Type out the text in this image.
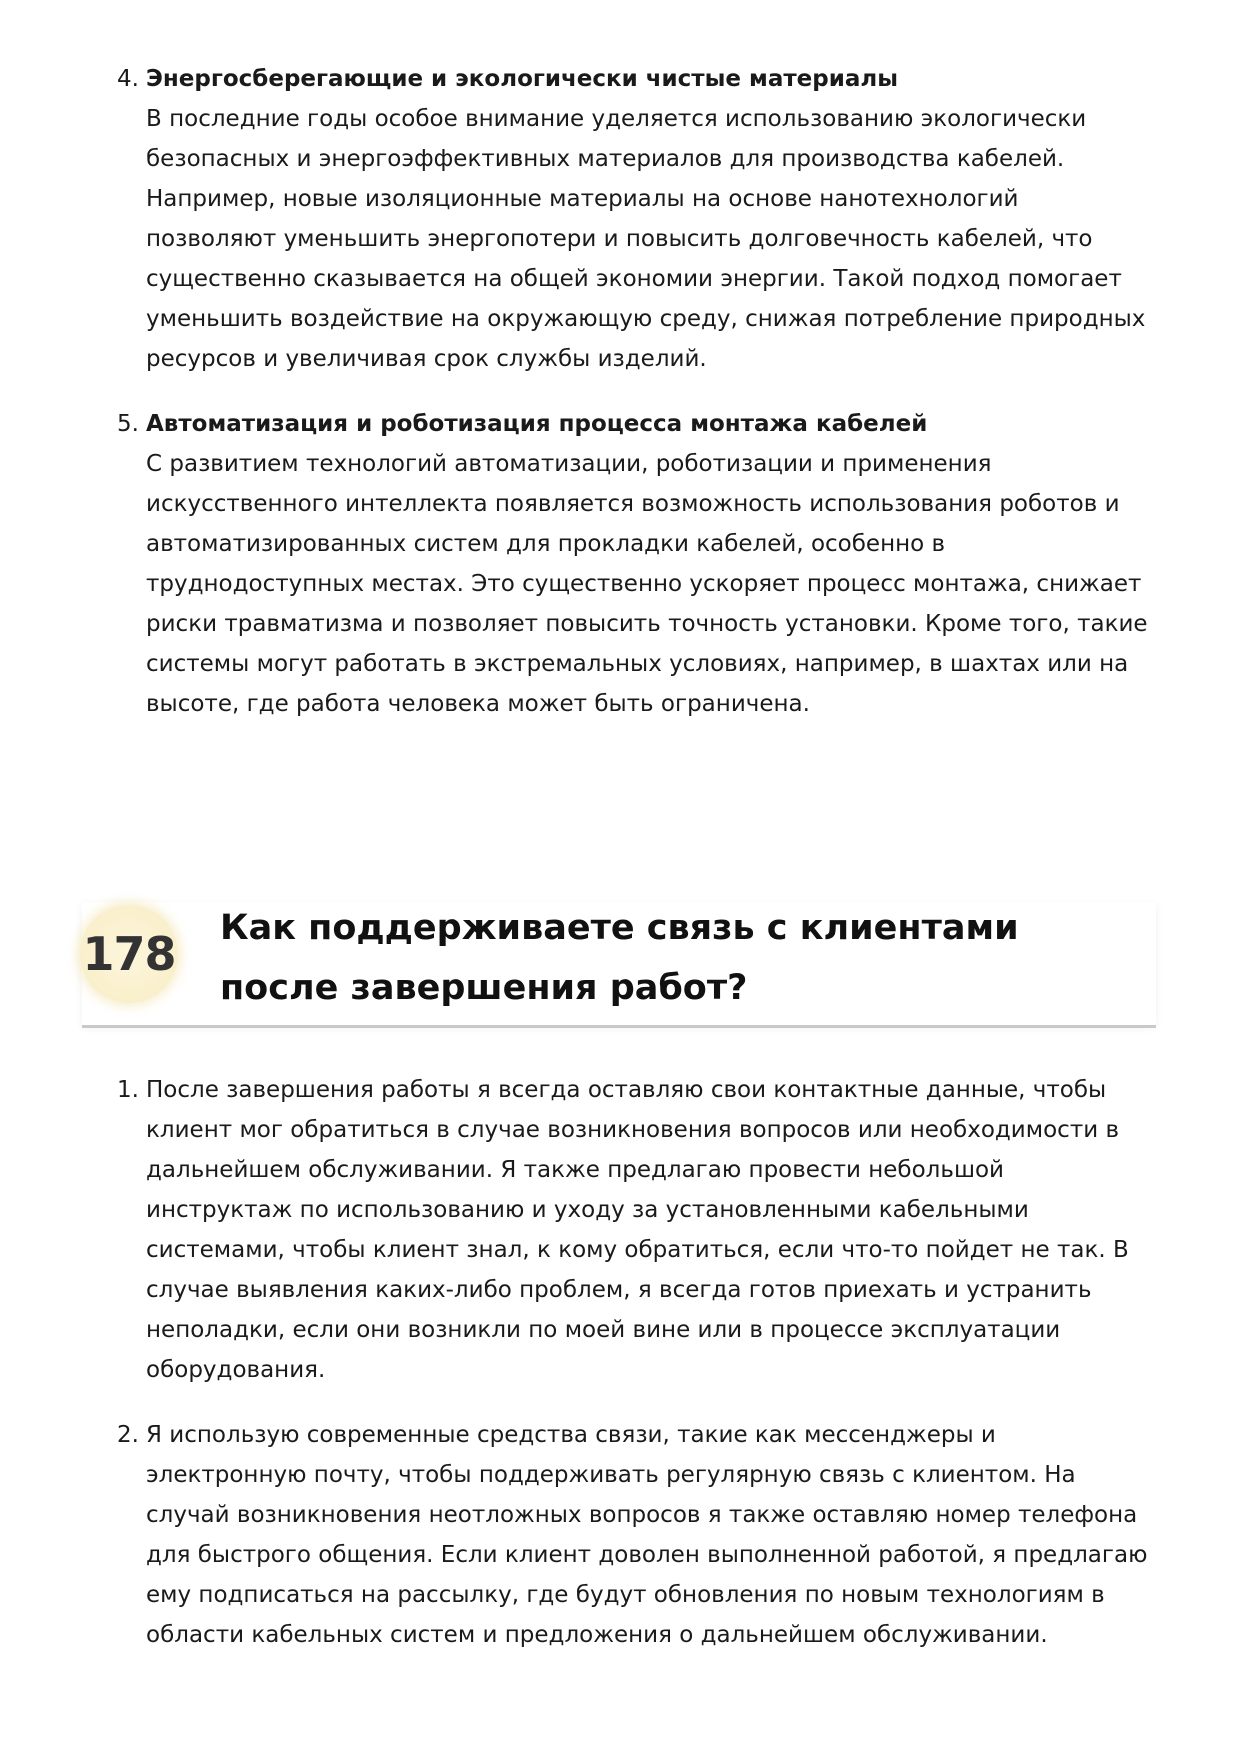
4. Энергосберегающие и экологически чистые материалы
В последние годы особое внимание уделяется использованию экологически безопасных и энергоэффективных материалов для производства кабелей. Например, новые изоляционные материалы на основе нанотехнологий позволяют уменьшить энергопотери и повысить долговечность кабелей, что существенно сказывается на общей экономии энергии. Такой подход помогает уменьшить воздействие на окружающую среду, снижая потребление природных ресурсов и увеличивая срок службы изделий.
5. Автоматизация и роботизация процесса монтажа кабелей
С развитием технологий автоматизации, роботизации и применения искусственного интеллекта появляется возможность использования роботов и автоматизированных систем для прокладки кабелей, особенно в труднодоступных местах. Это существенно ускоряет процесс монтажа, снижает риски травматизма и позволяет повысить точность установки. Кроме того, такие системы могут работать в экстремальных условиях, например, в шахтах или на высоте, где работа человека может быть ограничена.
178 Как поддерживаете связь с клиентами после завершения работ?
1. После завершения работы я всегда оставляю свои контактные данные, чтобы клиент мог обратиться в случае возникновения вопросов или необходимости в дальнейшем обслуживании. Я также предлагаю провести небольшой инструктаж по использованию и уходу за установленными кабельными системами, чтобы клиент знал, к кому обратиться, если что-то пойдет не так. В случае выявления каких-либо проблем, я всегда готов приехать и устранить неполадки, если они возникли по моей вине или в процессе эксплуатации оборудования.
2. Я использую современные средства связи, такие как мессенджеры и электронную почту, чтобы поддерживать регулярную связь с клиентом. На случай возникновения неотложных вопросов я также оставляю номер телефона для быстрого общения. Если клиент доволен выполненной работой, я предлагаю ему подписаться на рассылку, где будут обновления по новым технологиям в области кабельных систем и предложения о дальнейшем обслуживании.
